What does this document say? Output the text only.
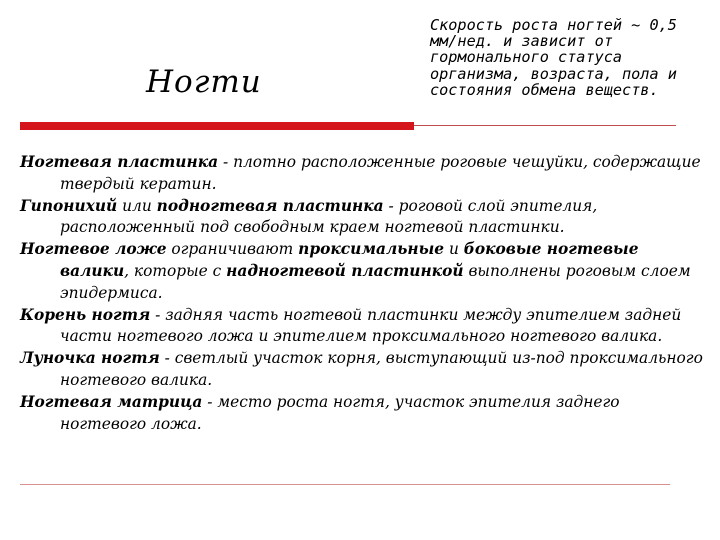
Ногти
Скорость роста ногтей ~ 0,5 мм/нед. и зависит от гормонального статуса организма, возраста, пола и состояния обмена веществ.

Ногтевая пластинка - плотно расположенные роговые чешуйки, содержащие твердый кератин.

Гипонихий или подногтевая пластинка - роговой слой эпителия, расположенный под свободным краем ногтевой пластинки.

Ногтевое ложе ограничивают проксимальные и боковые ногтевые валики, которые с надногтевой пластинкой выполнены роговым слоем эпидермиса.

Корень ногтя - задняя часть ногтевой пластинки между эпителием задней части ногтевого ложа и эпителием проксимального ногтевого валика.

Луночка ногтя - светлый участок корня, выступающий из-под проксимального ногтевого валика.

Ногтевая матрица - место роста ногтя, участок эпителия заднего ногтевого ложа.
